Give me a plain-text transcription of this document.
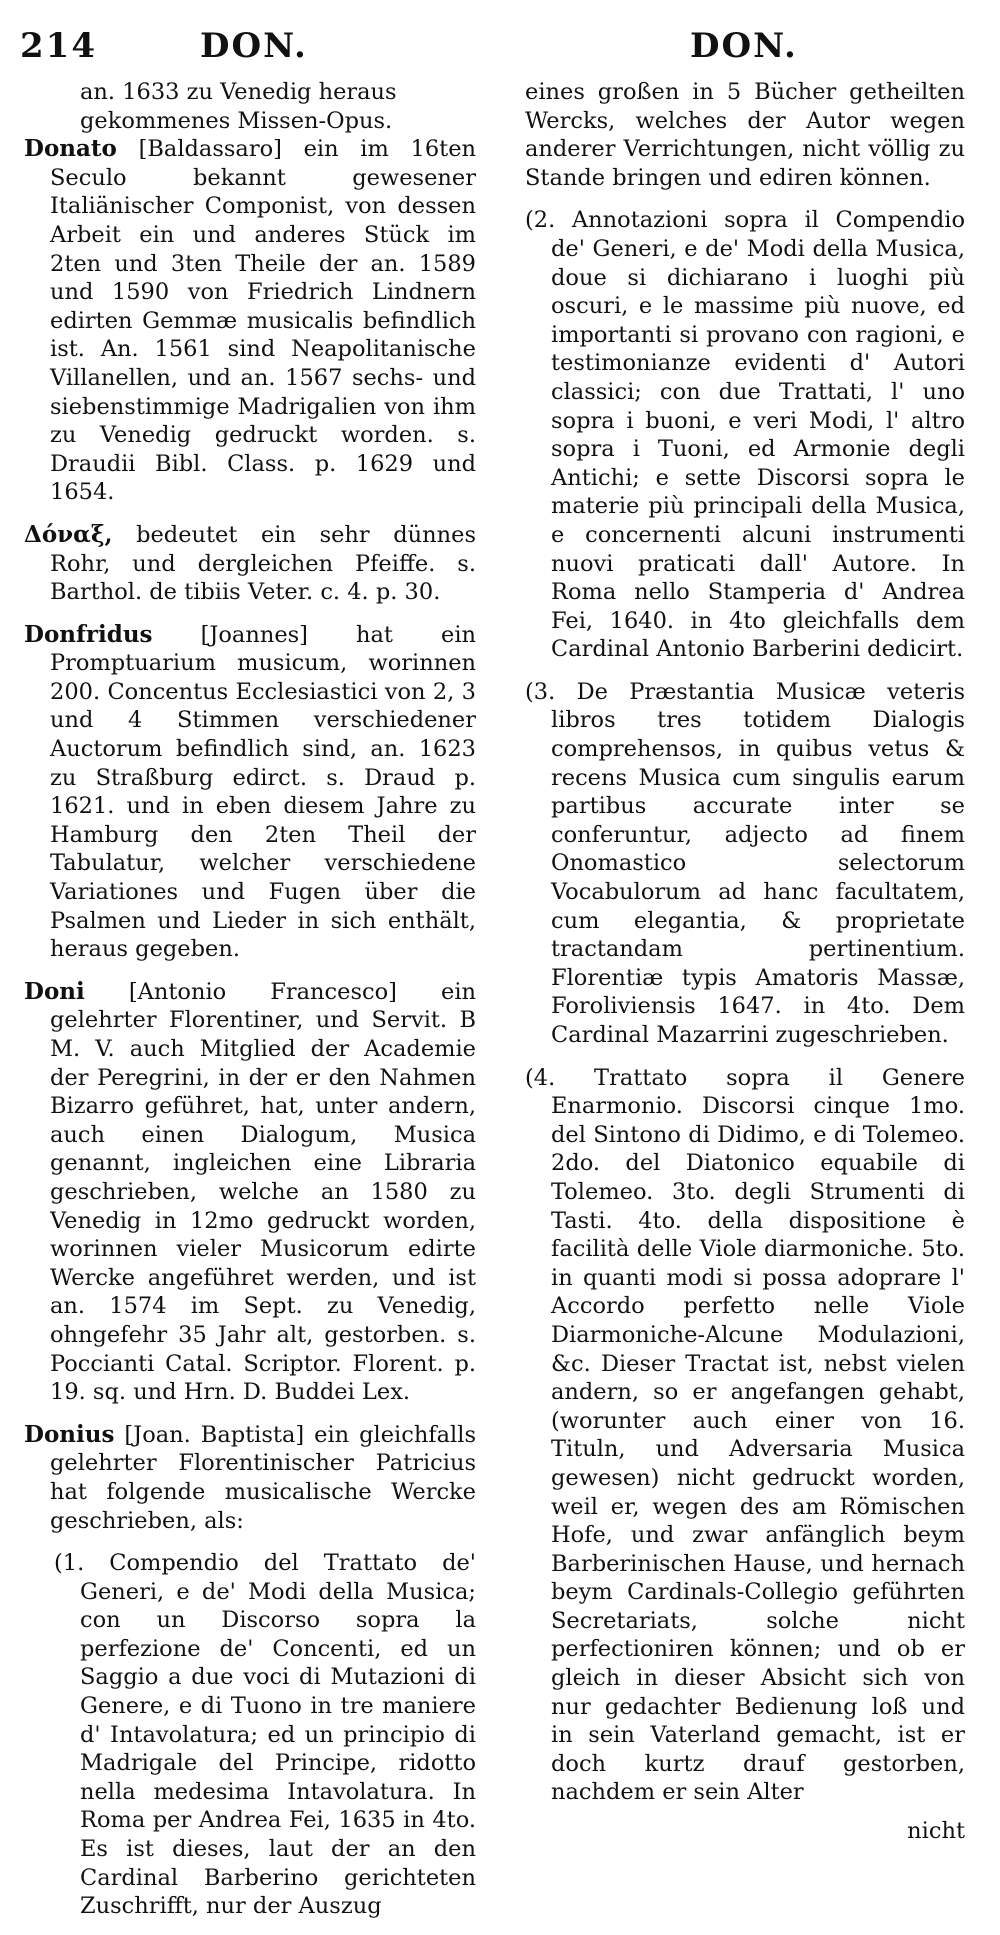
214	DON.	DON.

an. 1633 zu Venedig heraus gekommenes Missen-Opus.

Donato [Baldassaro] ein im 16ten Seculo bekannt gewesener Italiänischer Componist, von dessen Arbeit ein und anderes Stück im 2ten und 3ten Theile der an. 1589 und 1590 von Friedrich Lindnern edirten Gemmæ musicalis befindlich ist. An. 1561 sind Neapolitanische Villanellen, und an. 1567 sechs- und siebenstimmige Madrigalien von ihm zu Venedig gedruckt worden. s. Draudii Bibl. Class. p. 1629 und 1654.

Δόναξ, bedeutet ein sehr dünnes Rohr, und dergleichen Pfeiffe. s. Barthol. de tibiis Veter. c. 4. p. 30.

Donfridus [Joannes] hat ein Promptuarium musicum, worinnen 200. Concentus Ecclesiastici von 2, 3 und 4 Stimmen verschiedener Auctorum befindlich sind, an. 1623 zu Straßburg edirct. s. Draud p. 1621. und in eben diesem Jahre zu Hamburg den 2ten Theil der Tabulatur, welcher verschiedene Variationes und Fugen über die Psalmen und Lieder in sich enthält, heraus gegeben.

Doni [Antonio Francesco] ein gelehrter Florentiner, und Servit. B M. V. auch Mitglied der Academie der Peregrini, in der er den Nahmen Bizarro geführet, hat, unter andern, auch einen Dialogum, Musica genannt, ingleichen eine Libraria geschrieben, welche an 1580 zu Venedig in 12mo gedruckt worden, worinnen vieler Musicorum edirte Wercke angeführet werden, und ist an. 1574 im Sept. zu Venedig, ohngefehr 35 Jahr alt, gestorben. s. Poccianti Catal. Scriptor. Florent. p. 19. sq. und Hrn. D. Buddei Lex.

Donius [Joan. Baptista] ein gleichfalls gelehrter Florentinischer Patricius hat folgende musicalische Wercke geschrieben, als:

(1. Compendio del Trattato de' Generi, e de' Modi della Musica; con un Discorso sopra la perfezione de' Concenti, ed un Saggio a due voci di Mutazioni di Genere, e di Tuono in tre maniere d' Intavolatura; ed un principio di Madrigale del Principe, ridotto nella medesima Intavolatura. In Roma per Andrea Fei, 1635 in 4to. Es ist dieses, laut der an den Cardinal Barberino gerichteten Zuschrifft, nur der Auszug

eines großen in 5 Bücher getheilten Wercks, welches der Autor wegen anderer Verrichtungen, nicht völlig zu Stande bringen und ediren können.

(2. Annotazioni sopra il Compendio de' Generi, e de' Modi della Musica, doue si dichiarano i luoghi più oscuri, e le massime più nuove, ed importanti si provano con ragioni, e testimonianze evidenti d' Autori classici; con due Trattati, l' uno sopra i buoni, e veri Modi, l' altro sopra i Tuoni, ed Armonie degli Antichi; e sette Discorsi sopra le materie più principali della Musica, e concernenti alcuni instrumenti nuovi praticati dall' Autore. In Roma nello Stamperia d' Andrea Fei, 1640. in 4to gleichfalls dem Cardinal Antonio Barberini dedicirt.

(3. De Præstantia Musicæ veteris libros tres totidem Dialogis comprehensos, in quibus vetus & recens Musica cum singulis earum partibus accurate inter se conferuntur, adjecto ad finem Onomastico selectorum Vocabulorum ad hanc facultatem, cum elegantia, & proprietate tractandam pertinentium. Florentiæ typis Amatoris Massæ, Foroliviensis 1647. in 4to. Dem Cardinal Mazarrini zugeschrieben.

(4. Trattato sopra il Genere Enarmonio. Discorsi cinque 1mo. del Sintono di Didimo, e di Tolemeo. 2do. del Diatonico equabile di Tolemeo. 3to. degli Strumenti di Tasti. 4to. della dispositione è facilità delle Viole diarmoniche. 5to. in quanti modi si possa adoprare l' Accordo perfetto nelle Viole Diarmoniche-Alcune Modulazioni, &c. Dieser Tractat ist, nebst vielen andern, so er angefangen gehabt, (worunter auch einer von 16. Tituln, und Adversaria Musica gewesen) nicht gedruckt worden, weil er, wegen des am Römischen Hofe, und zwar anfänglich beym Barberinischen Hause, und hernach beym Cardinals-Collegio geführten Secretariats, solche nicht perfectioniren können; und ob er gleich in dieser Absicht sich von nur gedachter Bedienung loß und in sein Vaterland gemacht, ist er doch kurtz drauf gestorben, nachdem er sein Alter

nicht
